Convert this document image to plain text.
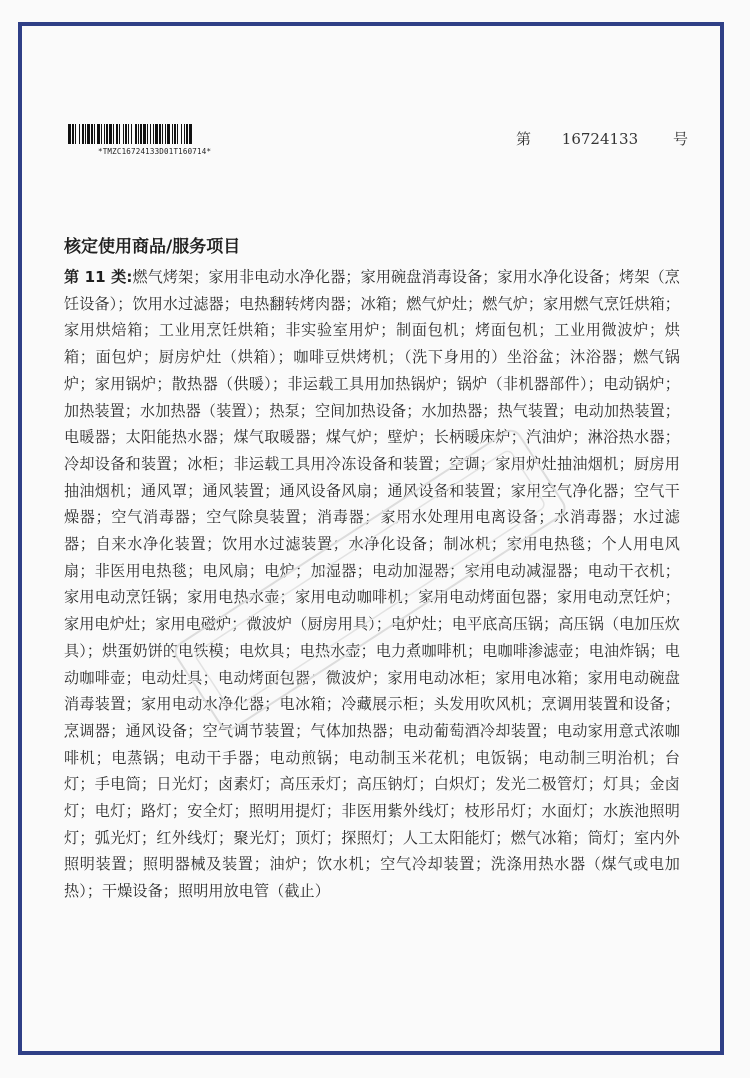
*TMZC16724133D01T160714*
第 16724133 号
核定使用商品/服务项目

第 11 类:燃气烤架；家用非电动水净化器；家用碗盘消毒设备；家用水净化设备；烤架（烹饪设备）；饮用水过滤器；电热翻转烤肉器；冰箱；燃气炉灶；燃气炉；家用燃气烹饪烘箱；家用烘焙箱；工业用烹饪烘箱；非实验室用炉；制面包机；烤面包机；工业用微波炉；烘箱；面包炉；厨房炉灶（烘箱）；咖啡豆烘烤机；（洗下身用的）坐浴盆；沐浴器；燃气锅炉；家用锅炉；散热器（供暖）；非运载工具用加热锅炉；锅炉（非机器部件）；电动锅炉；加热装置；水加热器（装置）；热泵；空间加热设备；水加热器；热气装置；电动加热装置；电暖器；太阳能热水器；煤气取暖器；煤气炉；壁炉；长柄暖床炉；汽油炉；淋浴热水器；冷却设备和装置；冰柜；非运载工具用冷冻设备和装置；空调；家用炉灶抽油烟机；厨房用抽油烟机；通风罩；通风装置；通风设备风扇；通风设备和装置；家用空气净化器；空气干燥器；空气消毒器；空气除臭装置；消毒器；家用水处理用电离设备；水消毒器；水过滤器；自来水净化装置；饮用水过滤装置；水净化设备；制冰机；家用电热毯；个人用电风扇；非医用电热毯；电风扇；电炉；加湿器；电动加湿器；家用电动减湿器；电动干衣机；家用电动烹饪锅；家用电热水壶；家用电动咖啡机；家用电动烤面包器；家用电动烹饪炉；家用电炉灶；家用电磁炉；微波炉（厨房用具）；电炉灶；电平底高压锅；高压锅（电加压炊具）；烘蛋奶饼的电铁模；电炊具；电热水壶；电力煮咖啡机；电咖啡渗滤壶；电油炸锅；电动咖啡壶；电动灶具；电动烤面包器；微波炉；家用电动冰柜；家用电冰箱；家用电动碗盘消毒装置；家用电动水净化器；电冰箱；冷藏展示柜；头发用吹风机；烹调用装置和设备；烹调器；通风设备；空气调节装置；气体加热器；电动葡萄酒冷却装置；电动家用意式浓咖啡机；电蒸锅；电动干手器；电动煎锅；电动制玉米花机；电饭锅；电动制三明治机；台灯；手电筒；日光灯；卤素灯；高压汞灯；高压钠灯；白炽灯；发光二极管灯；灯具；金卤灯；电灯；路灯；安全灯；照明用提灯；非医用紫外线灯；枝形吊灯；水面灯；水族池照明灯；弧光灯；红外线灯；聚光灯；顶灯；探照灯；人工太阳能灯；燃气冰箱；筒灯；室内外照明装置；照明器械及装置；油炉；饮水机；空气冷却装置；洗涤用热水器（煤气或电加热）；干燥设备；照明用放电管（截止）
